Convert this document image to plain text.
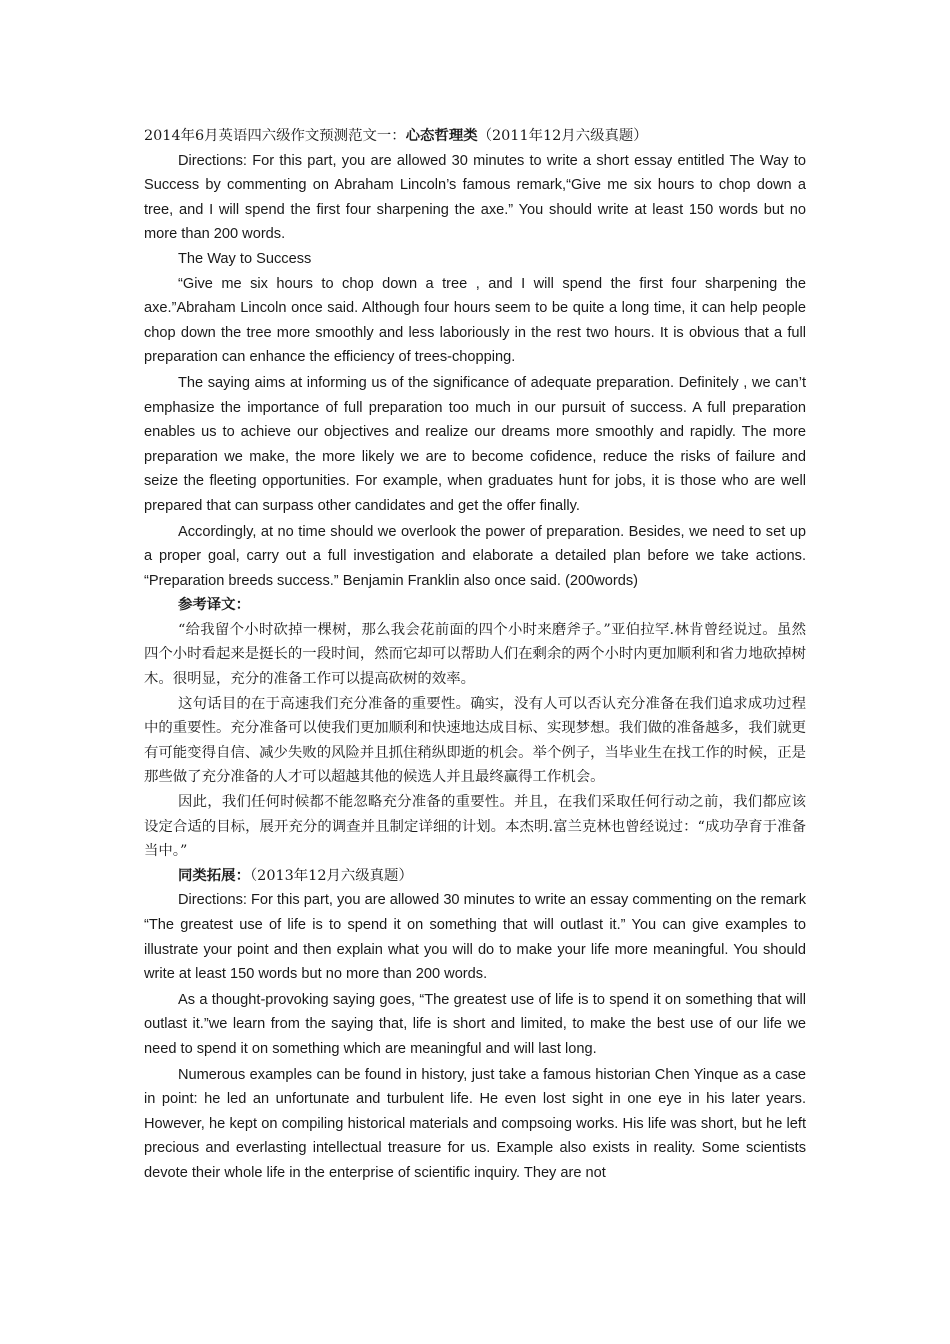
2014年6月英语四六级作文预测范文一：心态哲理类（2011年12月六级真题）

Directions: For this part, you are allowed 30 minutes to write a short essay entitled The Way to Success by commenting on Abraham Lincoln’s famous remark,“Give me six hours to chop down a tree, and I will spend the first four sharpening the axe.” You should write at least 150 words but no more than 200 words.

The Way to Success

“Give me six hours to chop down a tree , and I will spend the first four sharpening the axe.”Abraham Lincoln once said. Although four hours seem to be quite a long time, it can help people chop down the tree more smoothly and less laboriously in the rest two hours. It is obvious that a full preparation can enhance the efficiency of trees-chopping.

The saying aims at informing us of the significance of adequate preparation. Definitely , we can’t emphasize the importance of full preparation too much in our pursuit of success. A full preparation enables us to achieve our objectives and realize our dreams more smoothly and rapidly. The more preparation we make, the more likely we are to become cofidence, reduce the risks of failure and seize the fleeting opportunities. For example, when graduates hunt for jobs, it is those who are well prepared that can surpass other candidates and get the offer finally.

Accordingly, at no time should we overlook the power of preparation. Besides, we need to set up a proper goal, carry out a full investigation and elaborate a detailed plan before we take actions. “Preparation breeds success.” Benjamin Franklin also once said. (200words)

参考译文：

“给我留个小时砍掉一棵树，那么我会花前面的四个小时来磨斧子。”亚伯拉罕.林肯曾经说过。虽然四个小时看起来是挺长的一段时间，然而它却可以帮助人们在剩余的两个小时内更加顺利和省力地砍掉树木。很明显，充分的准备工作可以提高砍树的效率。

这句话目的在于高速我们充分准备的重要性。确实，没有人可以否认充分准备在我们追求成功过程中的重要性。充分准备可以使我们更加顺利和快速地达成目标、实现梦想。我们做的准备越多，我们就更有可能变得自信、减少失败的风险并且抓住稍纵即逝的机会。举个例子，当毕业生在找工作的时候，正是那些做了充分准备的人才可以超越其他的候选人并且最终赢得工作机会。

因此，我们任何时候都不能忽略充分准备的重要性。并且，在我们采取任何行动之前，我们都应该设定合适的目标，展开充分的调查并且制定详细的计划。本杰明.富兰克林也曾经说过：“成功孕育于准备当中。”

同类拓展：（2013年12月六级真题）

Directions: For this part, you are allowed 30 minutes to write an essay commenting on the remark “The greatest use of life is to spend it on something that will outlast it.” You can give examples to illustrate your point and then explain what you will do to make your life more meaningful. You should write at least 150 words but no more than 200 words.

As a thought-provoking saying goes, “The greatest use of life is to spend it on something that will outlast it.”we learn from the saying that, life is short and limited, to make the best use of our life we need to spend it on something which are meaningful and will last long.

Numerous examples can be found in history, just take a famous historian Chen Yinque as a case in point: he led an unfortunate and turbulent life. He even lost sight in one eye in his later years. However, he kept on compiling historical materials and compsoing works. His life was short, but he left precious and everlasting intellectual treasure for us. Example also exists in reality. Some scientists devote their whole life in the enterprise of scientific inquiry. They are not
